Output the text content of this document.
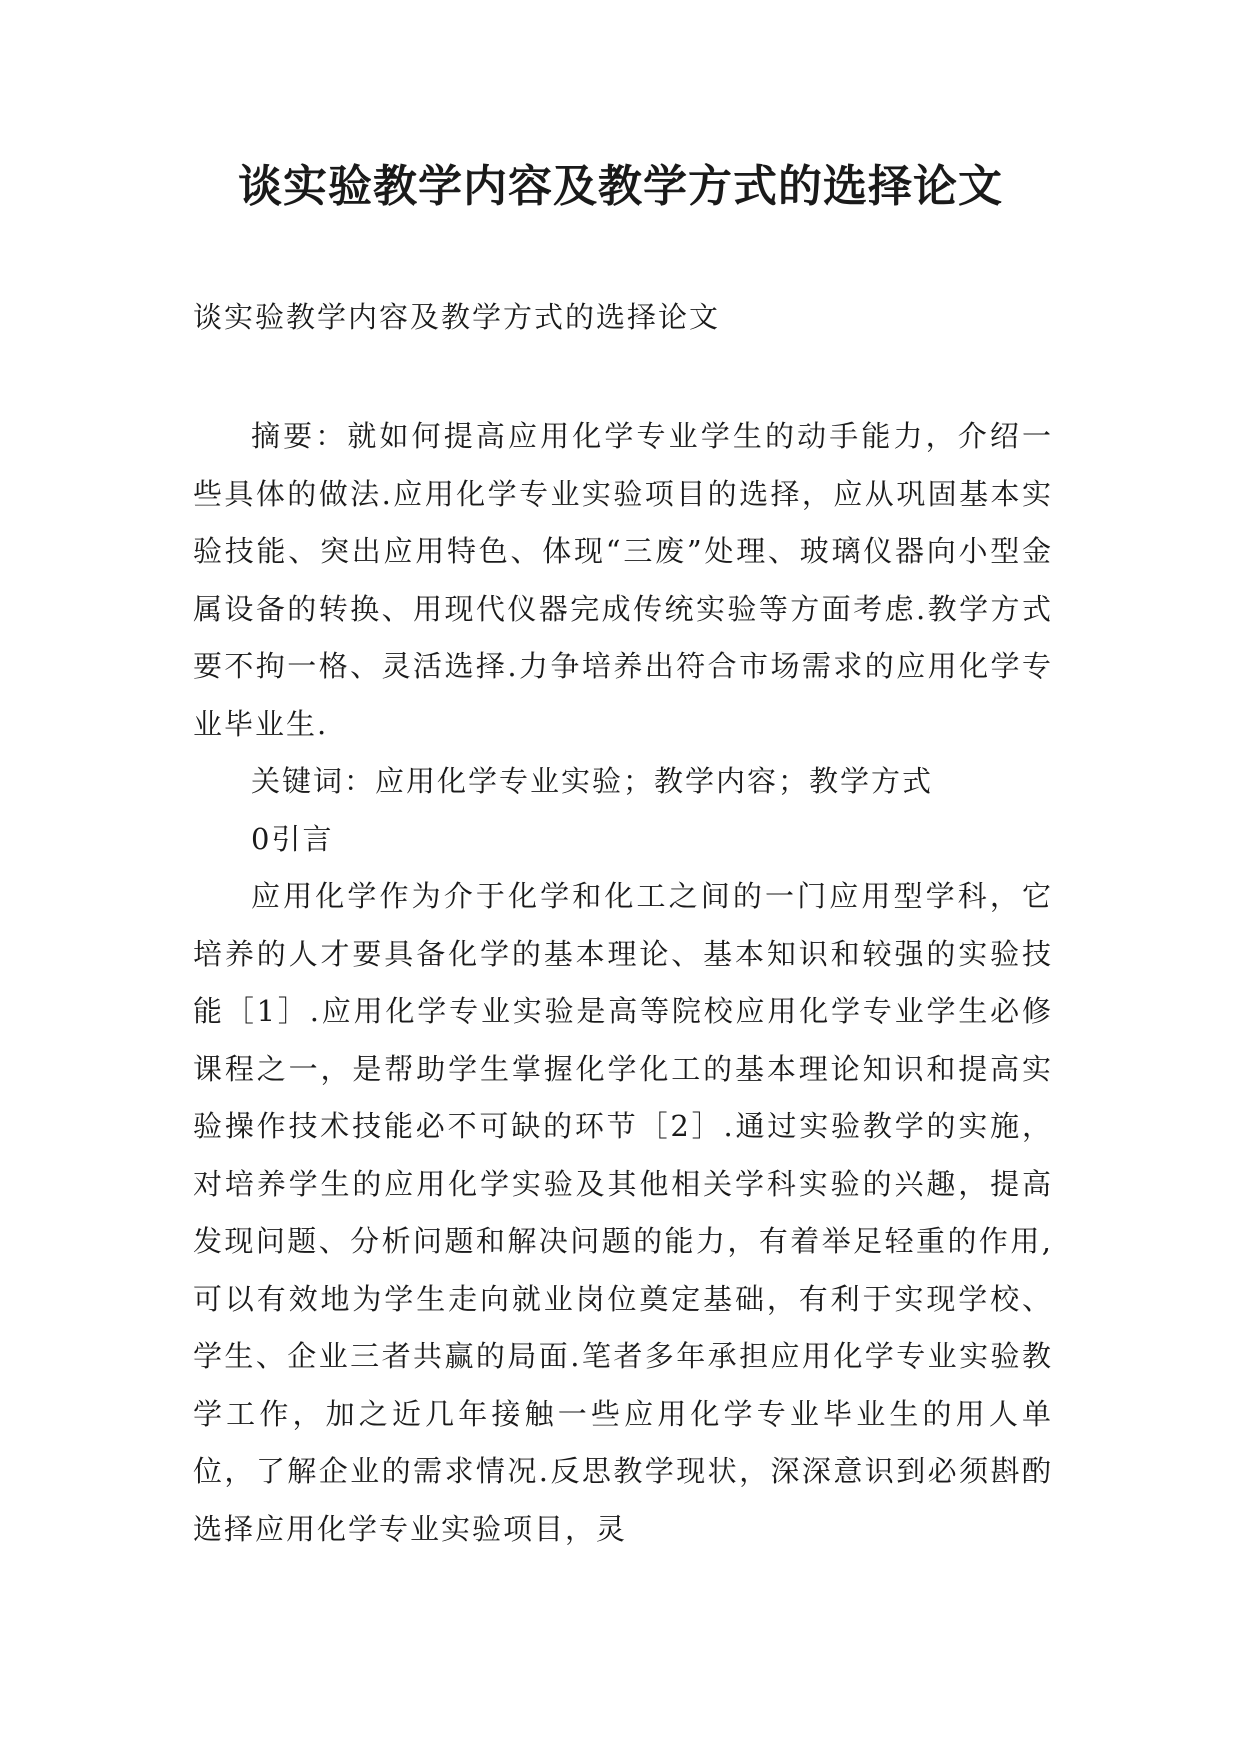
谈实验教学内容及教学方式的选择论文
谈实验教学内容及教学方式的选择论文

摘要：就如何提高应用化学专业学生的动手能力，介绍一些具体的做法.应用化学专业实验项目的选择，应从巩固基本实验技能、突出应用特色、体现“三废”处理、玻璃仪器向小型金属设备的转换、用现代仪器完成传统实验等方面考虑.教学方式要不拘一格、灵活选择.力争培养出符合市场需求的应用化学专业毕业生.

关键词：应用化学专业实验；教学内容；教学方式

0引言

应用化学作为介于化学和化工之间的一门应用型学科，它培养的人才要具备化学的基本理论、基本知识和较强的实验技能［1］.应用化学专业实验是高等院校应用化学专业学生必修课程之一，是帮助学生掌握化学化工的基本理论知识和提高实验操作技术技能必不可缺的环节［2］.通过实验教学的实施，对培养学生的应用化学实验及其他相关学科实验的兴趣，提高发现问题、分析问题和解决问题的能力，有着举足轻重的作用,可以有效地为学生走向就业岗位奠定基础，有利于实现学校、学生、企业三者共赢的局面.笔者多年承担应用化学专业实验教学工作，加之近几年接触一些应用化学专业毕业生的用人单位，了解企业的需求情况.反思教学现状，深深意识到必须斟酌选择应用化学专业实验项目，灵
